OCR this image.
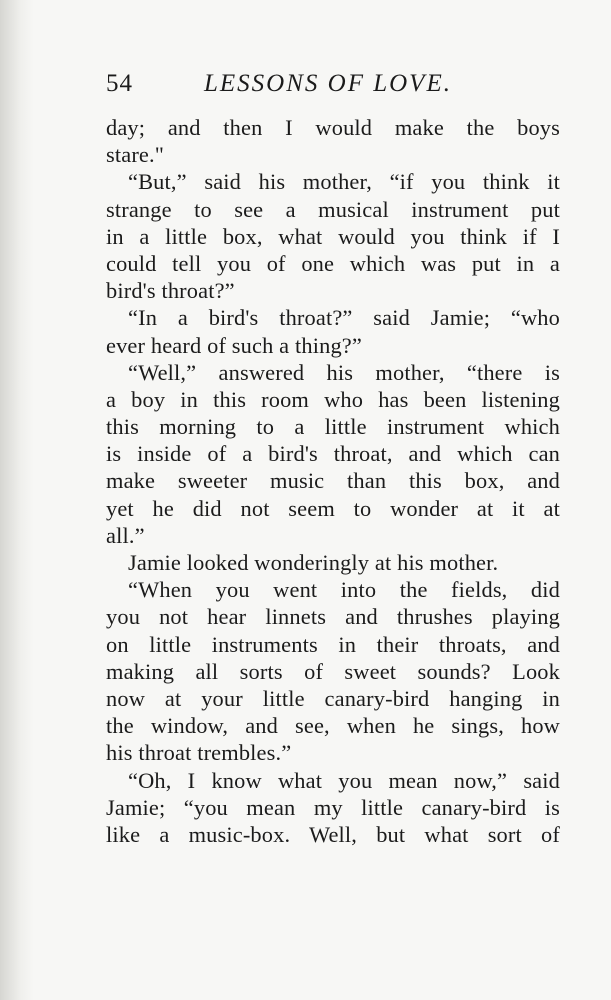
54	LESSONS OF LOVE.
day; and then I would make the boys
stare."
“But,” said his mother, “if you think it
strange to see a musical instrument put
in a little box, what would you think if I
could tell you of one which was put in a
bird's throat?”
“In a bird's throat?” said Jamie; “who
ever heard of such a thing?”
“Well,” answered his mother, “there is
a boy in this room who has been listening
this morning to a little instrument which
is inside of a bird's throat, and which can
make sweeter music than this box, and
yet he did not seem to wonder at it at
all.”
Jamie looked wonderingly at his mother.
“When you went into the fields, did
you not hear linnets and thrushes playing
on little instruments in their throats, and
making all sorts of sweet sounds? Look
now at your little canary-bird hanging in
the window, and see, when he sings, how
his throat trembles.”
“Oh, I know what you mean now,” said
Jamie; “you mean my little canary-bird is
like a music-box. Well, but what sort of
